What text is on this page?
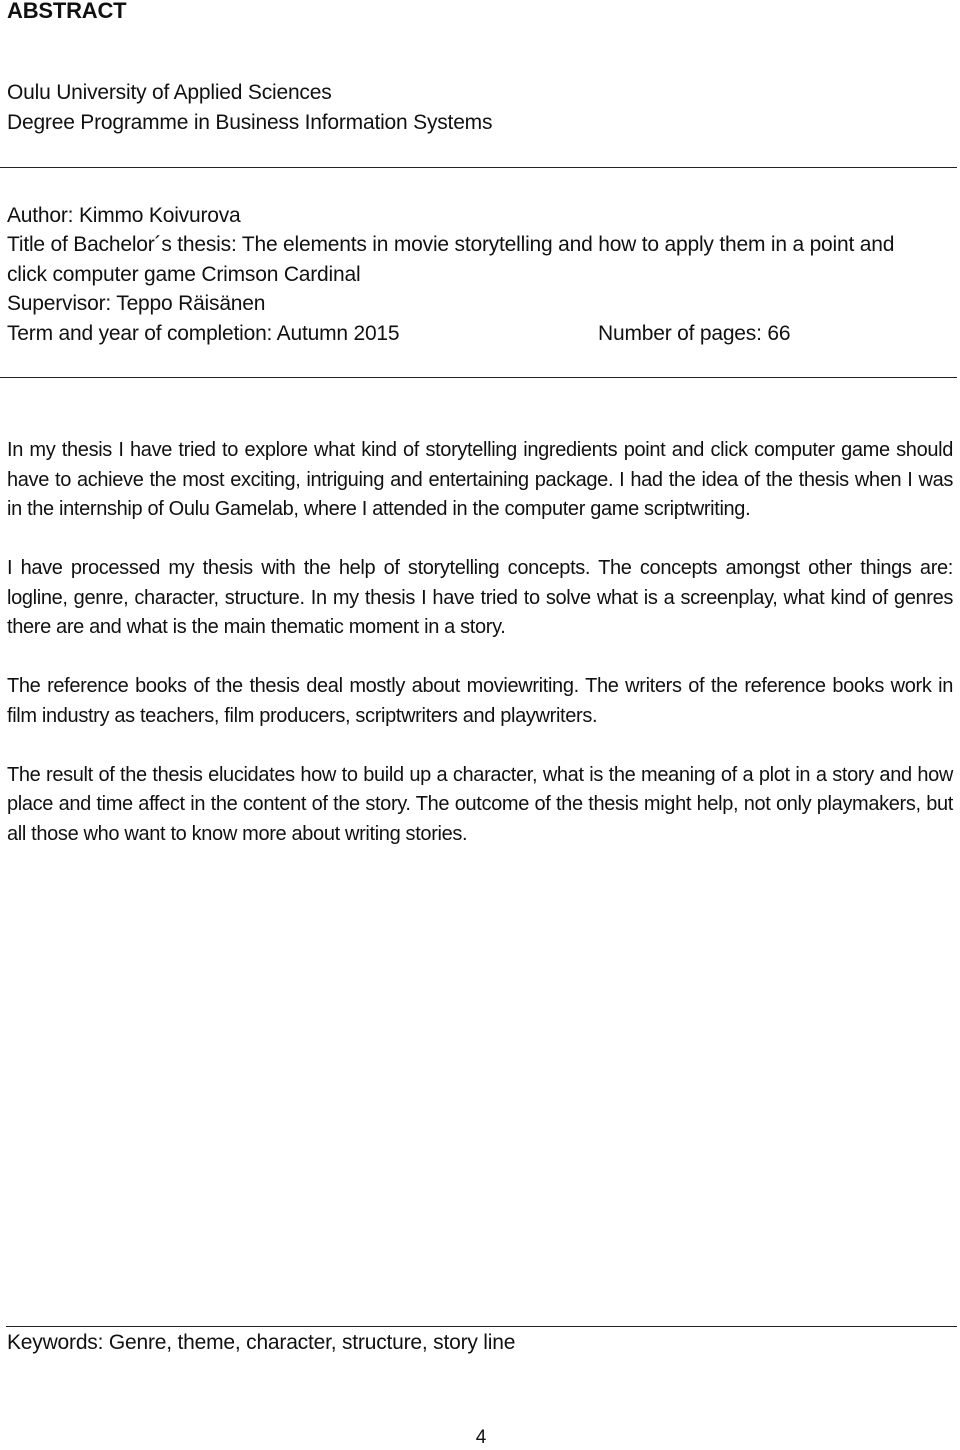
ABSTRACT
Oulu University of Applied Sciences
Degree Programme in Business Information Systems
Author: Kimmo Koivurova
Title of Bachelor´s thesis: The elements in movie storytelling and how to apply them in a point and
click computer game Crimson Cardinal
Supervisor: Teppo Räisänen
Term and year of completion: Autumn 2015	Number of pages: 66

In my thesis I have tried to explore what kind of storytelling ingredients point and click computer game should have to achieve the most exciting, intriguing and entertaining package. I had the idea of the thesis when I was in the internship of Oulu Gamelab, where I attended in the computer game scriptwriting.

I have processed my thesis with the help of storytelling concepts. The concepts amongst other things are: logline, genre, character, structure. In my thesis I have tried to solve what is a screenplay, what kind of genres there are and what is the main thematic moment in a story.

The reference books of the thesis deal mostly about moviewriting. The writers of the reference books work in film industry as teachers, film producers, scriptwriters and playwriters.

The result of the thesis elucidates how to build up a character, what is the meaning of a plot in a story and how place and time affect in the content of the story. The outcome of the thesis might help, not only playmakers, but all those who want to know more about writing stories.

Keywords: Genre, theme, character, structure, story line
4
